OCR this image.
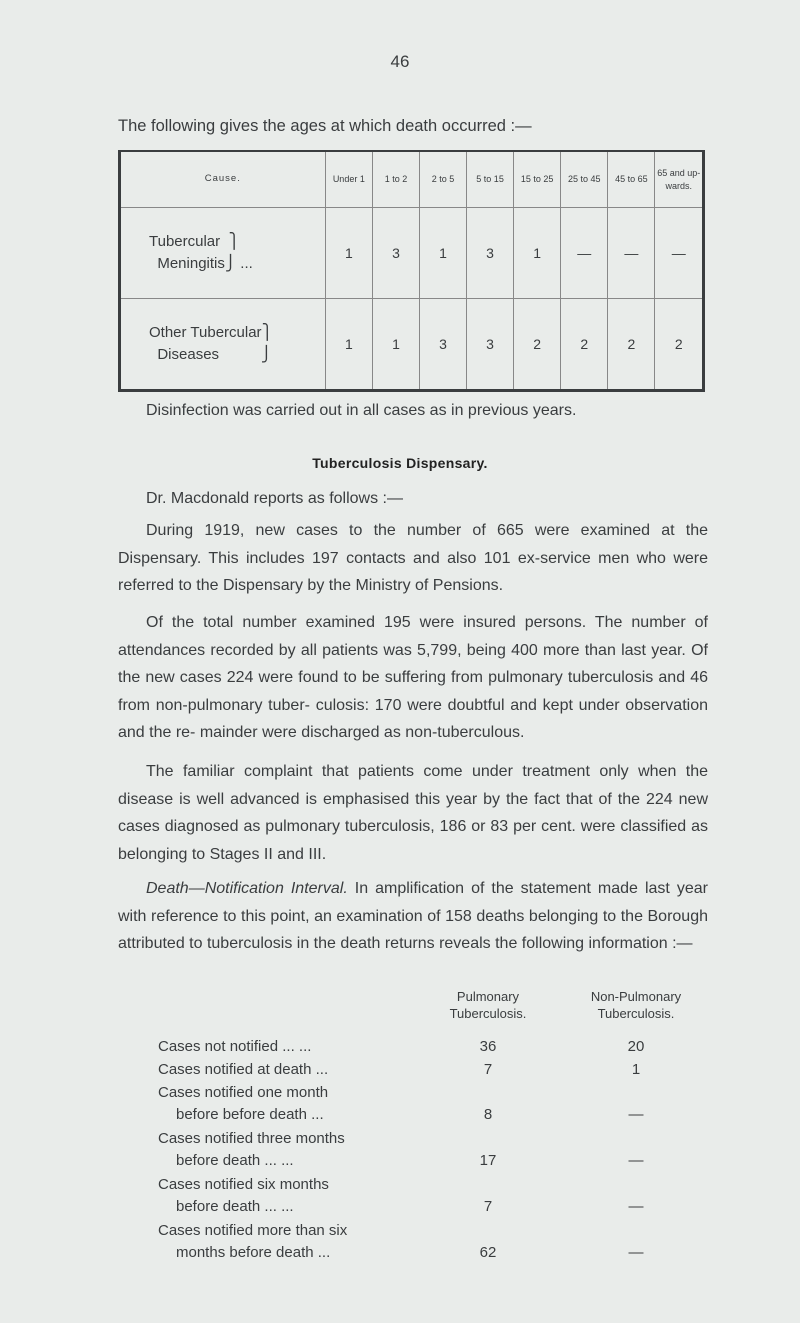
46
The following gives the ages at which death occurred :—
Cause.	Under 1	1 to 2	2 to 5	5 to 15	15 to 25	25 to 45	45 to 65	65 and up- wards.
Tubercular  ⎫
Meningitis⎭ ...	1	3	1	3	1	—	—	—
Other Tubercular⎫
Diseases          ⎭	1	1	3	3	2	2	2	2
Disinfection was carried out in all cases as in previous years.
Tuberculosis Dispensary.
Dr. Macdonald reports as follows :—
During 1919, new cases to the number of 665 were examined at the Dispensary. This includes 197 contacts and also 101 ex-service men who were referred to the Dispensary by the Ministry of Pensions.
Of the total number examined 195 were insured persons. The number of attendances recorded by all patients was 5,799, being 400 more than last year. Of the new cases 224 were found to be suffering from pulmonary tuberculosis and 46 from non-pulmonary tuber- culosis: 170 were doubtful and kept under observation and the re- mainder were discharged as non-tuberculous.
The familiar complaint that patients come under treatment only when the disease is well advanced is emphasised this year by the fact that of the 224 new cases diagnosed as pulmonary tuberculosis, 186 or 83 per cent. were classified as belonging to Stages II and III.
Death—Notification Interval. In amplification of the statement made last year with reference to this point, an examination of 158 deaths belonging to the Borough attributed to tuberculosis in the death returns reveals the following information :—
Pulmonary
Tuberculosis.
Non-Pulmonary
Tuberculosis.
Cases not notified ... ...	36	20
Cases notified at death ...	7	1
Cases notified one month
before before death ...	8	—
Cases notified three months
before death ... ...	17	—
Cases notified six months
before death ... ...	7	—
Cases notified more than six
months before death ...	62	—
